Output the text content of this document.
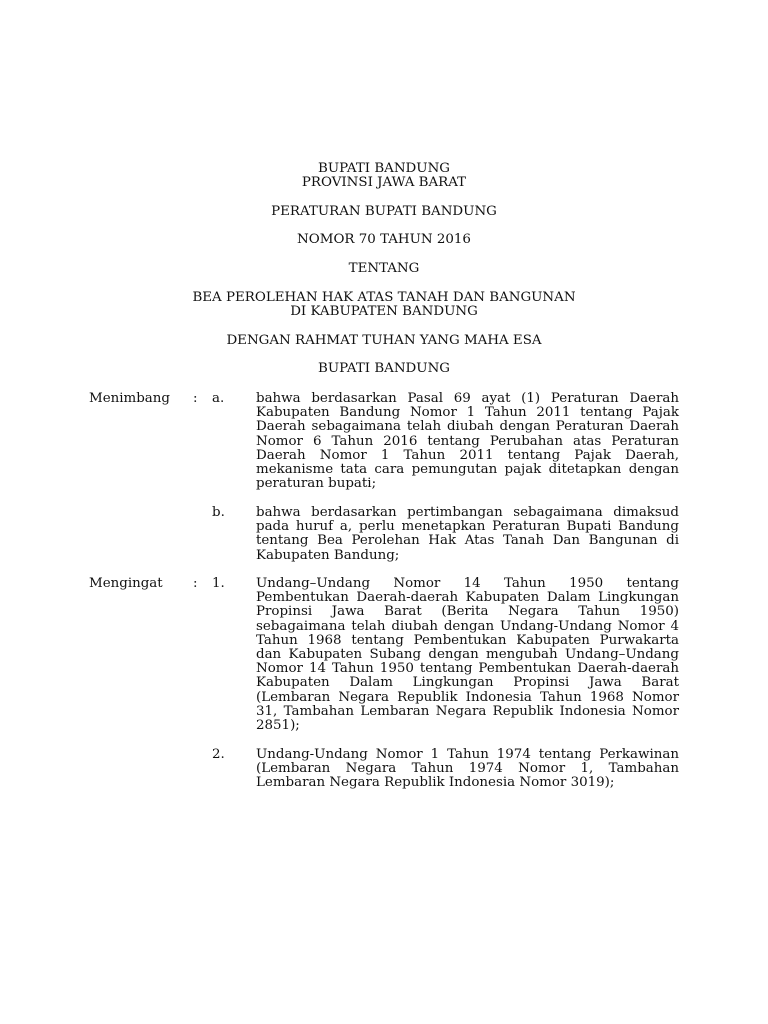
BUPATI BANDUNG
PROVINSI JAWA BARAT
PERATURAN BUPATI BANDUNG
NOMOR 70 TAHUN 2016
TENTANG
BEA PEROLEHAN HAK ATAS TANAH DAN BANGUNAN
DI KABUPATEN BANDUNG
DENGAN RAHMAT TUHAN YANG MAHA ESA
BUPATI BANDUNG
Menimbang : a. bahwa berdasarkan Pasal 69 ayat (1) Peraturan Daerah Kabupaten Bandung Nomor 1 Tahun 2011 tentang Pajak Daerah sebagaimana telah diubah dengan Peraturan Daerah Nomor 6 Tahun 2016 tentang Perubahan atas Peraturan Daerah Nomor 1 Tahun 2011 tentang Pajak Daerah, mekanisme tata cara pemungutan pajak ditetapkan dengan peraturan bupati;

b. bahwa berdasarkan pertimbangan sebagaimana dimaksud pada huruf a, perlu menetapkan Peraturan Bupati Bandung tentang Bea Perolehan Hak Atas Tanah Dan Bangunan di Kabupaten Bandung;

Mengingat : 1. Undang–Undang Nomor 14 Tahun 1950 tentang Pembentukan Daerah-daerah Kabupaten Dalam Lingkungan Propinsi Jawa Barat (Berita Negara Tahun 1950) sebagaimana telah diubah dengan Undang-Undang Nomor 4 Tahun 1968 tentang Pembentukan Kabupaten Purwakarta dan Kabupaten Subang dengan mengubah Undang–Undang Nomor 14 Tahun 1950 tentang Pembentukan Daerah-daerah Kabupaten Dalam Lingkungan Propinsi Jawa Barat (Lembaran Negara Republik Indonesia Tahun 1968 Nomor 31, Tambahan Lembaran Negara Republik Indonesia Nomor 2851);

2. Undang-Undang Nomor 1 Tahun 1974 tentang Perkawinan (Lembaran Negara Tahun 1974 Nomor 1, Tambahan Lembaran Negara Republik Indonesia Nomor 3019);
